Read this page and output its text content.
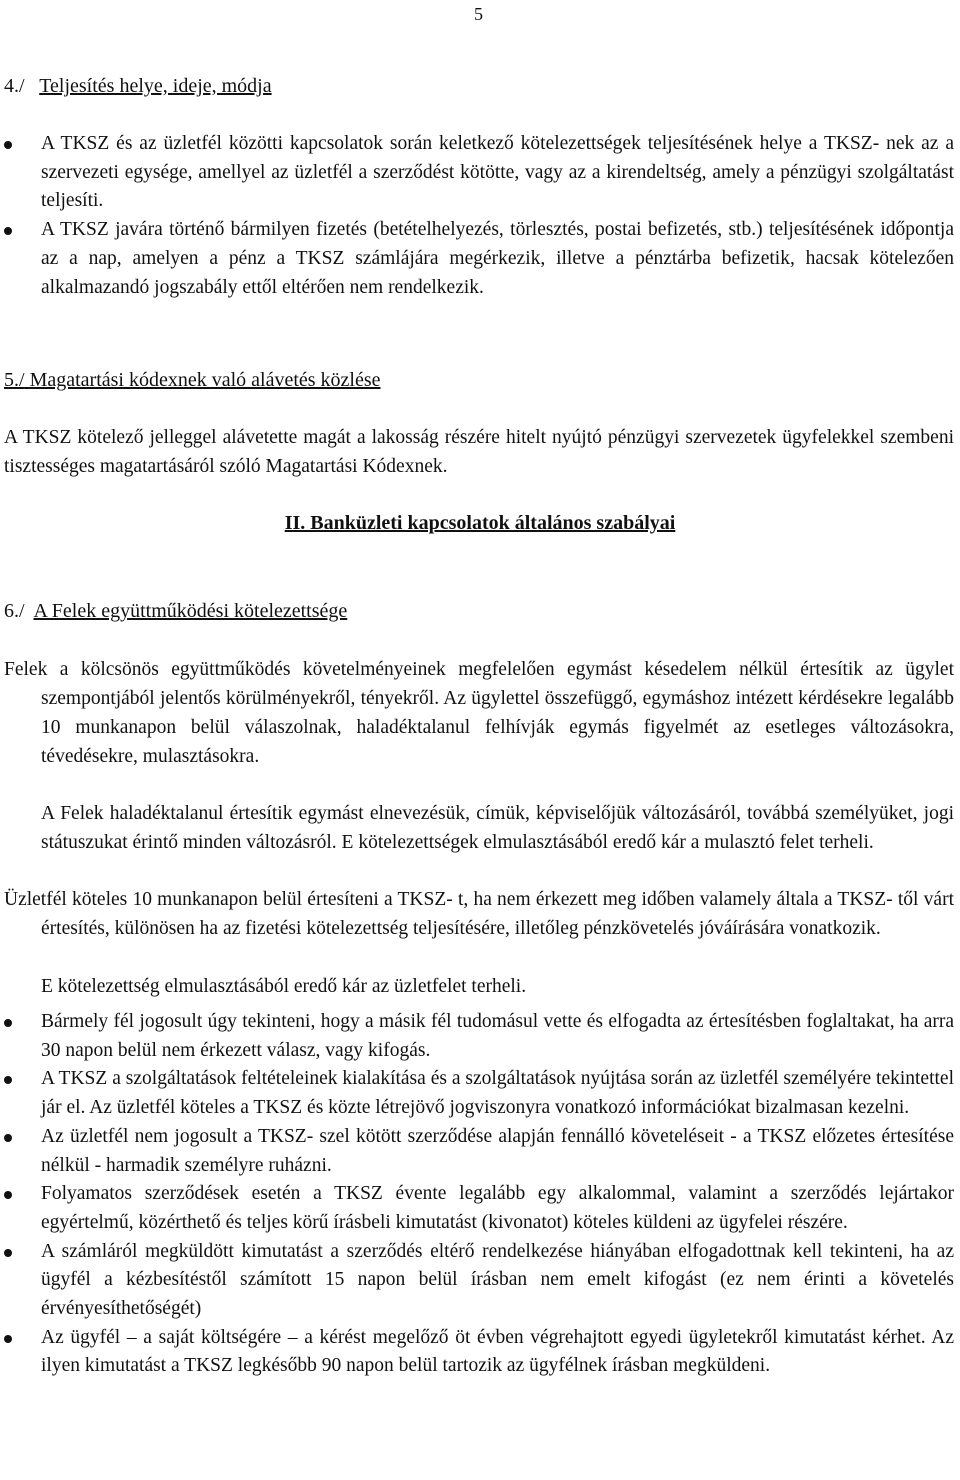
5
4./ Teljesítés helye, ideje, módja
A TKSZ és az üzletfél közötti kapcsolatok során keletkező kötelezettségek teljesítésének helye a TKSZ- nek az a szervezeti egysége, amellyel az üzletfél a szerződést kötötte, vagy az a kirendeltség, amely a pénzügyi szolgáltatást teljesíti.
A TKSZ javára történő bármilyen fizetés (betételhelyezés, törlesztés, postai befizetés, stb.) teljesítésének időpontja az a nap, amelyen a pénz a TKSZ számlájára megérkezik, illetve a pénztárba befizetik, hacsak kötelezően alkalmazandó jogszabály ettől eltérően nem rendelkezik.
5./ Magatartási kódexnek való alávetés közlése
A TKSZ kötelező jelleggel alávetette magát a lakosság részére hitelt nyújtó pénzügyi szervezetek ügyfelekkel szembeni tisztességes magatartásáról szóló Magatartási Kódexnek.
II. Banküzleti kapcsolatok általános szabályai
6./ A Felek együttműködési kötelezettsége
Felek a kölcsönös együttműködés követelményeinek megfelelően egymást késedelem nélkül értesítik az ügylet szempontjából jelentős körülményekről, tényekről. Az ügylettel összefüggő, egymáshoz intézett kérdésekre legalább 10 munkanapon belül válaszolnak, haladéktalanul felhívják egymás figyelmét az esetleges változásokra, tévedésekre, mulasztásokra.
A Felek haladéktalanul értesítik egymást elnevezésük, címük, képviselőjük változásáról, továbbá személyüket, jogi státuszukat érintő minden változásról. E kötelezettségek elmulasztásából eredő kár a mulasztó felet terheli.
Üzletfél köteles 10 munkanapon belül értesíteni a TKSZ- t, ha nem érkezett meg időben valamely általa a TKSZ- től várt értesítés, különösen ha az fizetési kötelezettség teljesítésére, illetőleg pénzkövetelés jóváírására vonatkozik.
E kötelezettség elmulasztásából eredő kár az üzletfelet terheli.
Bármely fél jogosult úgy tekinteni, hogy a másik fél tudomásul vette és elfogadta az értesítésben foglaltakat, ha arra 30 napon belül nem érkezett válasz, vagy kifogás.
A TKSZ a szolgáltatások feltételeinek kialakítása és a szolgáltatások nyújtása során az üzletfél személyére tekintettel jár el. Az üzletfél köteles a TKSZ és közte létrejövő jogviszonyra vonatkozó információkat bizalmasan kezelni.
Az üzletfél nem jogosult a TKSZ- szel kötött szerződése alapján fennálló követeléseit - a TKSZ előzetes értesítése nélkül - harmadik személyre ruházni.
Folyamatos szerződések esetén a TKSZ évente legalább egy alkalommal, valamint a szerződés lejártakor egyértelmű, közérthető és teljes körű írásbeli kimutatást (kivonatot) köteles küldeni az ügyfelei részére.
A számláról megküldött kimutatást a szerződés eltérő rendelkezése hiányában elfogadottnak kell tekinteni, ha az ügyfél a kézbesítéstől számított 15 napon belül írásban nem emelt kifogást (ez nem érinti a követelés érvényesíthetőségét)
Az ügyfél – a saját költségére – a kérést megelőző öt évben végrehajtott egyedi ügyletekről kimutatást kérhet. Az ilyen kimutatást a TKSZ legkésőbb 90 napon belül tartozik az ügyfélnek írásban megküldeni.
